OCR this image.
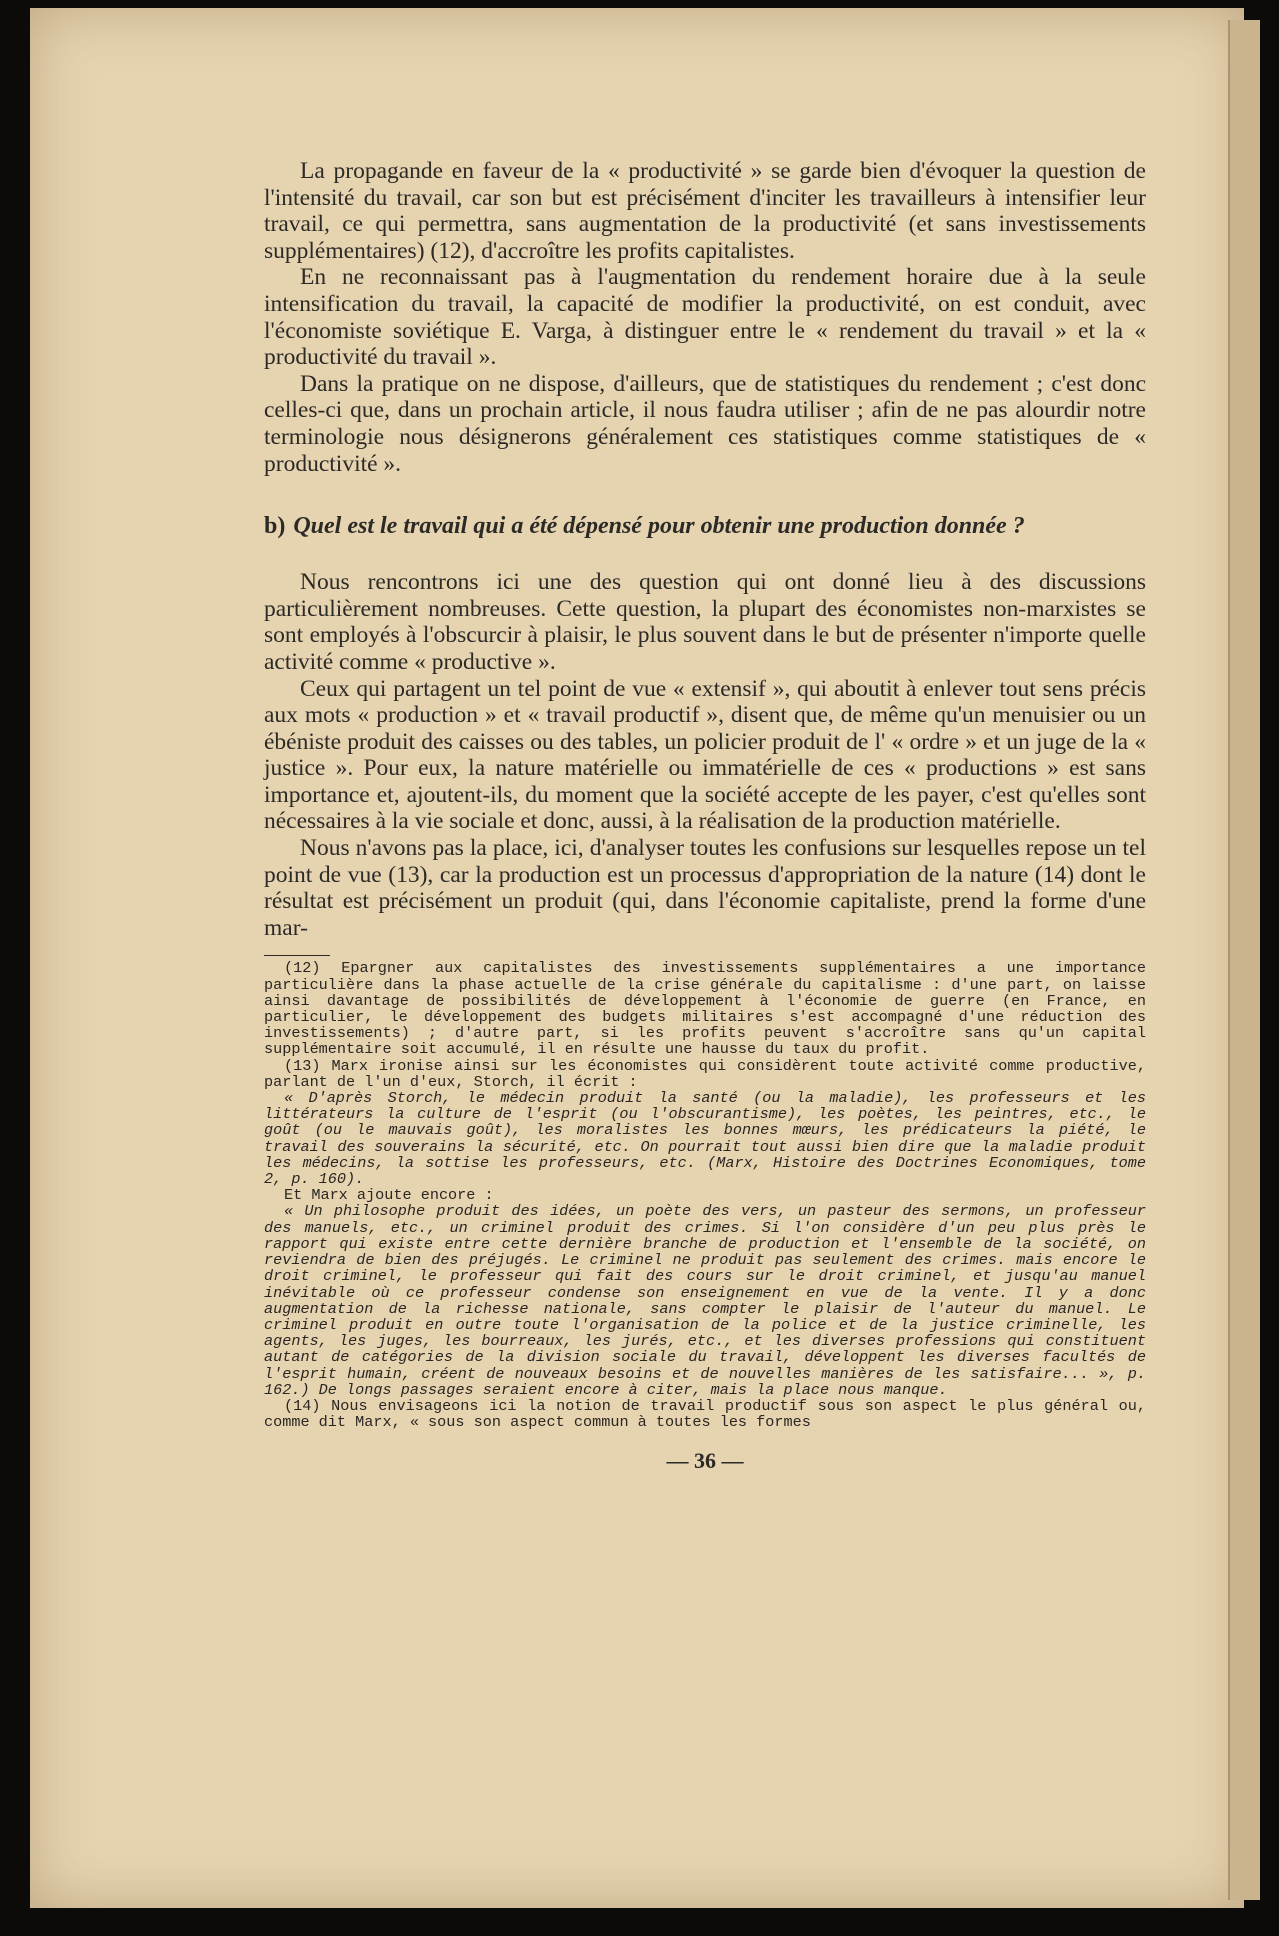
La propagande en faveur de la « productivité » se garde bien d'évoquer la question de l'intensité du travail, car son but est précisément d'inciter les travailleurs à intensifier leur travail, ce qui permettra, sans augmentation de la productivité (et sans investissements supplémentaires) (12), d'accroître les profits capitalistes.

En ne reconnaissant pas à l'augmentation du rendement horaire due à la seule intensification du travail, la capacité de modifier la productivité, on est conduit, avec l'économiste soviétique E. Varga, à distinguer entre le « rendement du travail » et la « productivité du travail ».

Dans la pratique on ne dispose, d'ailleurs, que de statistiques du rendement ; c'est donc celles-ci que, dans un prochain article, il nous faudra utiliser ; afin de ne pas alourdir notre terminologie nous désignerons généralement ces statistiques comme statistiques de « productivité ».

b) Quel est le travail qui a été dépensé pour obtenir une production donnée ?

Nous rencontrons ici une des question qui ont donné lieu à des discussions particulièrement nombreuses. Cette question, la plupart des économistes non-marxistes se sont employés à l'obscurcir à plaisir, le plus souvent dans le but de présenter n'importe quelle activité comme « productive ».

Ceux qui partagent un tel point de vue « extensif », qui aboutit à enlever tout sens précis aux mots « production » et « travail productif », disent que, de même qu'un menuisier ou un ébéniste produit des caisses ou des tables, un policier produit de l' « ordre » et un juge de la « justice ». Pour eux, la nature matérielle ou immatérielle de ces « productions » est sans importance et, ajoutent-ils, du moment que la société accepte de les payer, c'est qu'elles sont nécessaires à la vie sociale et donc, aussi, à la réalisation de la production matérielle.

Nous n'avons pas la place, ici, d'analyser toutes les confusions sur lesquelles repose un tel point de vue (13), car la production est un processus d'appropriation de la nature (14) dont le résultat est précisément un produit (qui, dans l'économie capitaliste, prend la forme d'une mar-

(12) Epargner aux capitalistes des investissements supplémentaires a une importance particulière dans la phase actuelle de la crise générale du capitalisme : d'une part, on laisse ainsi davantage de possibilités de développement à l'économie de guerre (en France, en particulier, le développement des budgets militaires s'est accompagné d'une réduction des investissements) ; d'autre part, si les profits peuvent s'accroître sans qu'un capital supplémentaire soit accumulé, il en résulte une hausse du taux du profit.

(13) Marx ironise ainsi sur les économistes qui considèrent toute activité comme productive, parlant de l'un d'eux, Storch, il écrit :

« D'après Storch, le médecin produit la santé (ou la maladie), les professeurs et les littérateurs la culture de l'esprit (ou l'obscurantisme), les poètes, les peintres, etc., le goût (ou le mauvais goût), les moralistes les bonnes mœurs, les prédicateurs la piété, le travail des souverains la sécurité, etc. On pourrait tout aussi bien dire que la maladie produit les médecins, la sottise les professeurs, etc. (Marx, Histoire des Doctrines Economiques, tome 2, p. 160).

Et Marx ajoute encore :

« Un philosophe produit des idées, un poète des vers, un pasteur des sermons, un professeur des manuels, etc., un criminel produit des crimes. Si l'on considère d'un peu plus près le rapport qui existe entre cette dernière branche de production et l'ensemble de la société, on reviendra de bien des préjugés. Le criminel ne produit pas seulement des crimes. mais encore le droit criminel, le professeur qui fait des cours sur le droit criminel, et jusqu'au manuel inévitable où ce professeur condense son enseignement en vue de la vente. Il y a donc augmentation de la richesse nationale, sans compter le plaisir de l'auteur du manuel. Le criminel produit en outre toute l'organisation de la police et de la justice criminelle, les agents, les juges, les bourreaux, les jurés, etc., et les diverses professions qui constituent autant de catégories de la division sociale du travail, développent les diverses facultés de l'esprit humain, créent de nouveaux besoins et de nouvelles manières de les satisfaire... », p. 162.) De longs passages seraient encore à citer, mais la place nous manque.

(14) Nous envisageons ici la notion de travail productif sous son aspect le plus général ou, comme dit Marx, « sous son aspect commun à toutes les formes

— 36 —
